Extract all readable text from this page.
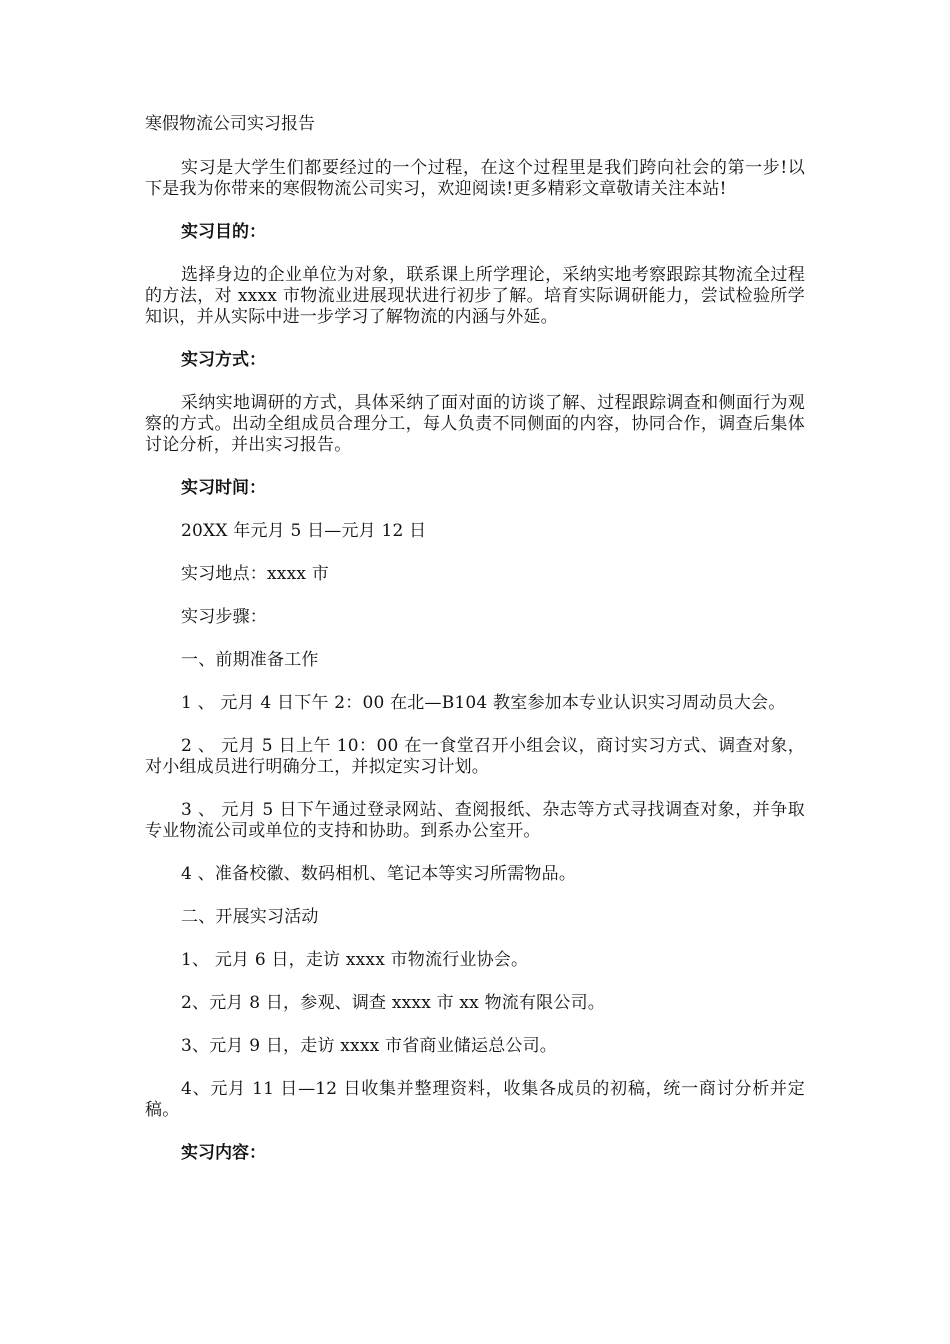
寒假物流公司实习报告

实习是大学生们都要经过的一个过程，在这个过程里是我们跨向社会的第一步!以下是我为你带来的寒假物流公司实习，欢迎阅读!更多精彩文章敬请关注本站!

实习目的：

选择身边的企业单位为对象，联系课上所学理论，采纳实地考察跟踪其物流全过程的方法，对 xxxx 市物流业进展现状进行初步了解。培育实际调研能力，尝试检验所学知识，并从实际中进一步学习了解物流的内涵与外延。

实习方式：

采纳实地调研的方式，具体采纳了面对面的访谈了解、过程跟踪调查和侧面行为观察的方式。出动全组成员合理分工，每人负责不同侧面的内容，协同合作，调查后集体讨论分析，并出实习报告。

实习时间：

20XX 年元月 5 日—元月 12 日

实习地点：xxxx 市

实习步骤：

一、前期准备工作

1 、 元月 4 日下午 2：00 在北—B104 教室参加本专业认识实习周动员大会。

2 、 元月 5 日上午 10：00 在一食堂召开小组会议，商讨实习方式、调查对象，对小组成员进行明确分工，并拟定实习计划。

3 、 元月 5 日下午通过登录网站、查阅报纸、杂志等方式寻找调查对象，并争取专业物流公司或单位的支持和协助。到系办公室开。

4 、准备校徽、数码相机、笔记本等实习所需物品。

二、开展实习活动

1、 元月 6 日，走访 xxxx 市物流行业协会。

2、元月 8 日，参观、调查 xxxx 市 xx 物流有限公司。

3、元月 9 日，走访 xxxx 市省商业储运总公司。

4、元月 11 日—12 日收集并整理资料，收集各成员的初稿，统一商讨分析并定稿。

实习内容：
